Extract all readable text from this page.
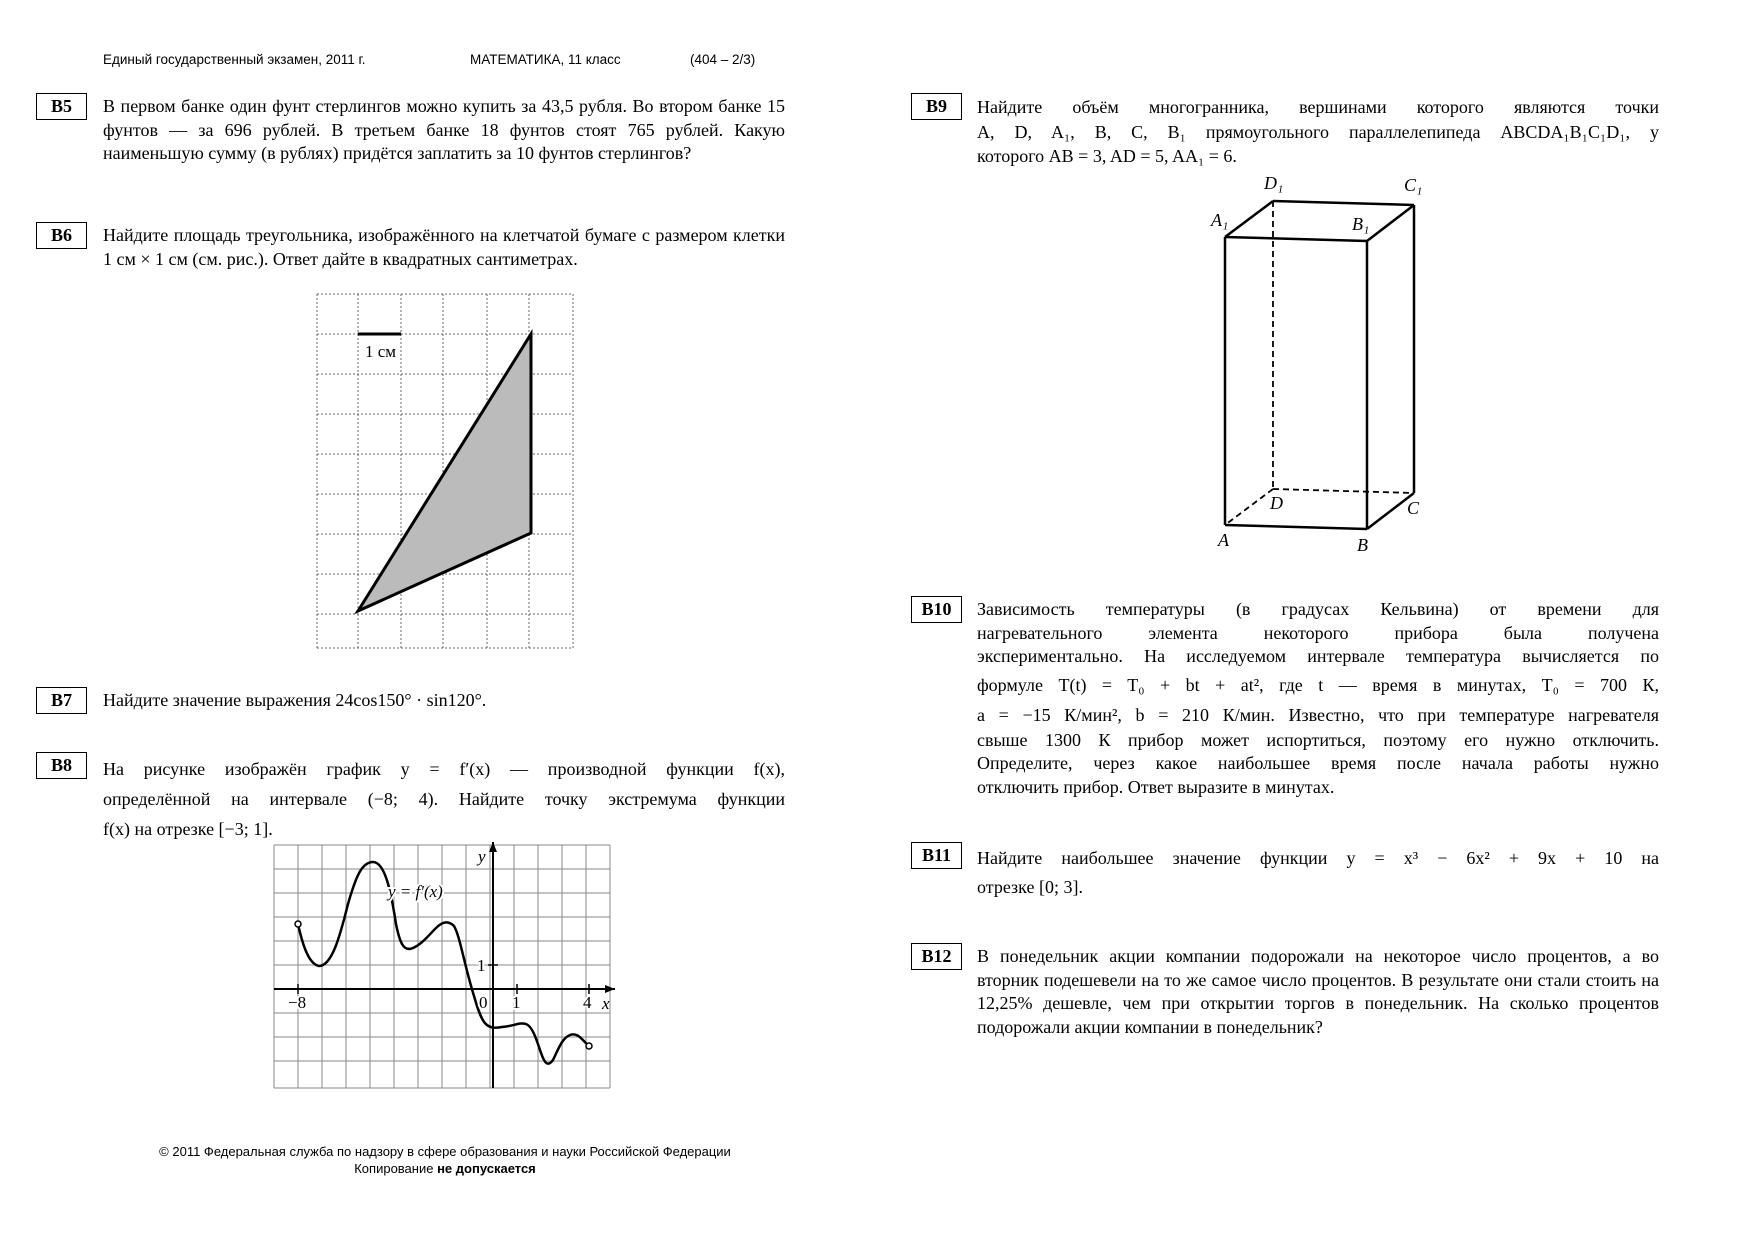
Единый государственный экзамен, 2011 г.	МАТЕМАТИКА, 11 класс	(404 – 2/3)
B5	В первом банке один фунт стерлингов можно купить за 43,5 рубля. Во втором банке 15 фунтов — за 696 рублей. В третьем банке 18 фунтов стоят 765 рублей. Какую наименьшую сумму (в рублях) придётся заплатить за 10 фунтов стерлингов?
B6	Найдите площадь треугольника, изображённого на клетчатой бумаге с размером клетки 1 см × 1 см (см. рис.). Ответ дайте в квадратных сантиметрах.
1 см
B7	Найдите значение выражения 24cos150° · sin120°.
B8	На рисунке изображён график y = f′(x) — производной функции f(x),
определённой на интервале (−8; 4). Найдите точку экстремума функции
f(x) на отрезке [−3; 1].
y = f′(x)
y
x
−8	0 1	4
1
B9	Найдите объём многогранника, вершинами которого являются точки
A, D, A₁, B, C, B₁ прямоугольного параллелепипеда ABCDA₁B₁C₁D₁, у
которого AB = 3, AD = 5, AA₁ = 6.
A	B
C
D
A₁	B₁
C₁
D₁
B10	Зависимость температуры (в градусах Кельвина) от времени для
нагревательного элемента некоторого прибора была получена
экспериментально. На исследуемом интервале температура вычисляется по
формуле T(t) = T₀ + bt + at², где t — время в минутах, T₀ = 700 К,
a = −15 К/мин², b = 210 К/мин. Известно, что при температуре нагревателя
свыше 1300 К прибор может испортиться, поэтому его нужно отключить.
Определите, через какое наибольшее время после начала работы нужно
отключить прибор. Ответ выразите в минутах.
B11	Найдите наибольшее значение функции y = x³ − 6x² + 9x + 10 на
отрезке [0; 3].
B12	В понедельник акции компании подорожали на некоторое число процентов, а во вторник подешевели на то же самое число процентов. В результате они стали стоить на 12,25% дешевле, чем при открытии торгов в понедельник. На сколько процентов подорожали акции компании в понедельник?
© 2011 Федеральная служба по надзору в сфере образования и науки Российской Федерации
Копирование не допускается
